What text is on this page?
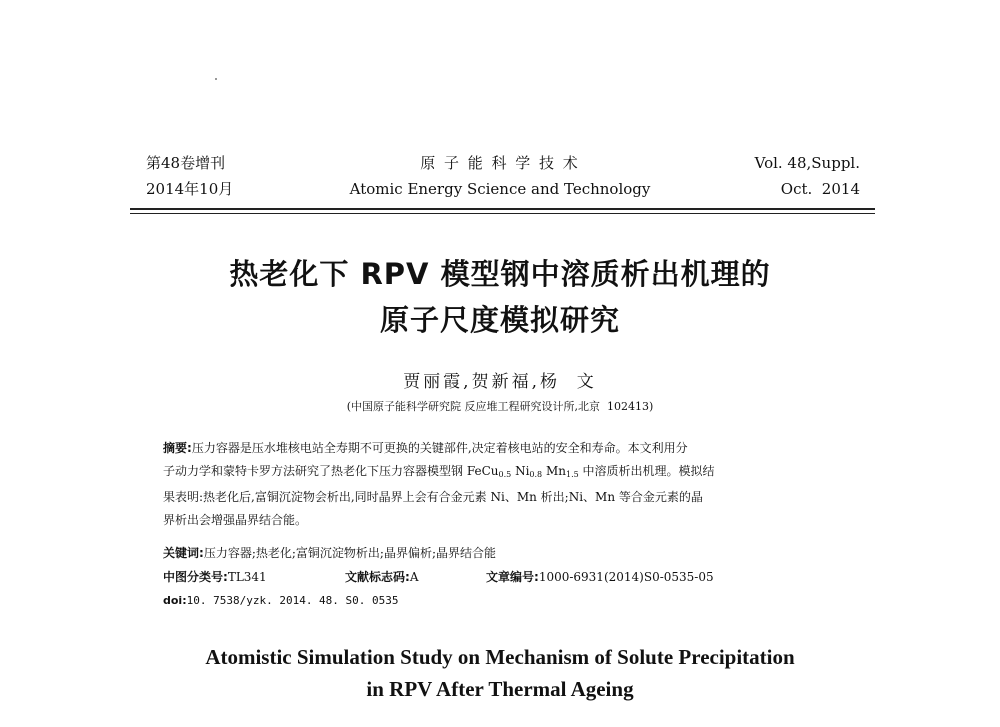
第48卷增刊
2014年10月
原 子 能 科 学 技 术
Atomic Energy Science and Technology
Vol. 48,Suppl.
Oct.  2014
热老化下 RPV 模型钢中溶质析出机理的
原子尺度模拟研究
贾丽霞,贺新福,杨  文
(中国原子能科学研究院 反应堆工程研究设计所,北京  102413)

摘要:压力容器是压水堆核电站全寿期不可更换的关键部件,决定着核电站的安全和寿命。本文利用分

子动力学和蒙特卡罗方法研究了热老化下压力容器模型钢 FeCu$_{0.5}$ $Ni_{0.8}$ $Mn_{1.5}$ 中溶质析出机理。模拟结

果表明:热老化后,富铜沉淀物会析出,同时晶界上会有合金元素 Ni、Mn 析出;Ni、Mn 等合金元素的晶

界析出会增强晶界结合能。

关键词:压力容器;热老化;富铜沉淀物析出;晶界偏析;晶界结合能
中图分类号:TL341	文献标志码:A	文章编号:1000-6931(2014)S0-0535-05
doi:10. 7538/yzk. 2014. 48. S0. 0535
Atomistic Simulation Study on Mechanism of Solute Precipitation
in RPV After Thermal Ageing
